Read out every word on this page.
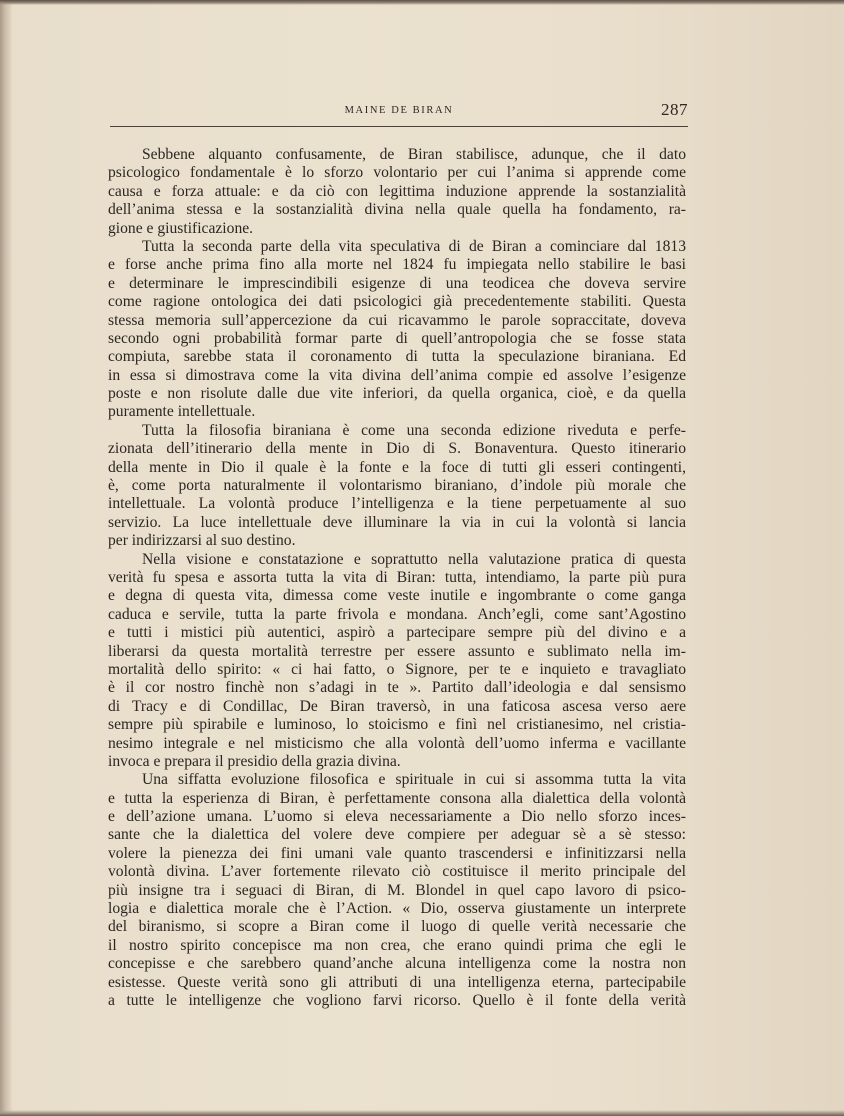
MAINE DE BIRAN	287
Sebbene alquanto confusamente, de Biran stabilisce, adunque, che il dato
psicologico fondamentale è lo sforzo volontario per cui l’anima si apprende come
causa e forza attuale: e da ciò con legittima induzione apprende la sostanzialità
dell’anima stessa e la sostanzialità divina nella quale quella ha fondamento, ra-
gione e giustificazione.
Tutta la seconda parte della vita speculativa di de Biran a cominciare dal 1813
e forse anche prima fino alla morte nel 1824 fu impiegata nello stabilire le basi
e determinare le imprescindibili esigenze di una teodicea che doveva servire
come ragione ontologica dei dati psicologici già precedentemente stabiliti. Questa
stessa memoria sull’appercezione da cui ricavammo le parole sopraccitate, doveva
secondo ogni probabilità formar parte di quell’antropologia che se fosse stata
compiuta, sarebbe stata il coronamento di tutta la speculazione biraniana. Ed
in essa si dimostrava come la vita divina dell’anima compie ed assolve l’esigenze
poste e non risolute dalle due vite inferiori, da quella organica, cioè, e da quella
puramente intellettuale.
Tutta la filosofia biraniana è come una seconda edizione riveduta e perfe-
zionata dell’itinerario della mente in Dio di S. Bonaventura. Questo itinerario
della mente in Dio il quale è la fonte e la foce di tutti gli esseri contingenti,
è, come porta naturalmente il volontarismo biraniano, d’indole più morale che
intellettuale. La volontà produce l’intelligenza e la tiene perpetuamente al suo
servizio. La luce intellettuale deve illuminare la via in cui la volontà si lancia
per indirizzarsi al suo destino.
Nella visione e constatazione e soprattutto nella valutazione pratica di questa
verità fu spesa e assorta tutta la vita di Biran: tutta, intendiamo, la parte più pura
e degna di questa vita, dimessa come veste inutile e ingombrante o come ganga
caduca e servile, tutta la parte frivola e mondana. Anch’egli, come sant’Agostino
e tutti i mistici più autentici, aspirò a partecipare sempre più del divino e a
liberarsi da questa mortalità terrestre per essere assunto e sublimato nella im-
mortalità dello spirito: « ci hai fatto, o Signore, per te e inquieto e travagliato
è il cor nostro finchè non s’adagi in te ». Partito dall’ideologia e dal sensismo
di Tracy e di Condillac, De Biran traversò, in una faticosa ascesa verso aere
sempre più spirabile e luminoso, lo stoicismo e finì nel cristianesimo, nel cristia-
nesimo integrale e nel misticismo che alla volontà dell’uomo inferma e vacillante
invoca e prepara il presidio della grazia divina.
Una siffatta evoluzione filosofica e spirituale in cui si assomma tutta la vita
e tutta la esperienza di Biran, è perfettamente consona alla dialettica della volontà
e dell’azione umana. L’uomo si eleva necessariamente a Dio nello sforzo inces-
sante che la dialettica del volere deve compiere per adeguar sè a sè stesso:
volere la pienezza dei fini umani vale quanto trascendersi e infinitizzarsi nella
volontà divina. L’aver fortemente rilevato ciò costituisce il merito principale del
più insigne tra i seguaci di Biran, di M. Blondel in quel capo lavoro di psico-
logia e dialettica morale che è l’Action. « Dio, osserva giustamente un interprete
del biranismo, si scopre a Biran come il luogo di quelle verità necessarie che
il nostro spirito concepisce ma non crea, che erano quindi prima che egli le
concepisse e che sarebbero quand’anche alcuna intelligenza come la nostra non
esistesse. Queste verità sono gli attributi di una intelligenza eterna, partecipabile
a tutte le intelligenze che vogliono farvi ricorso. Quello è il fonte della verità
